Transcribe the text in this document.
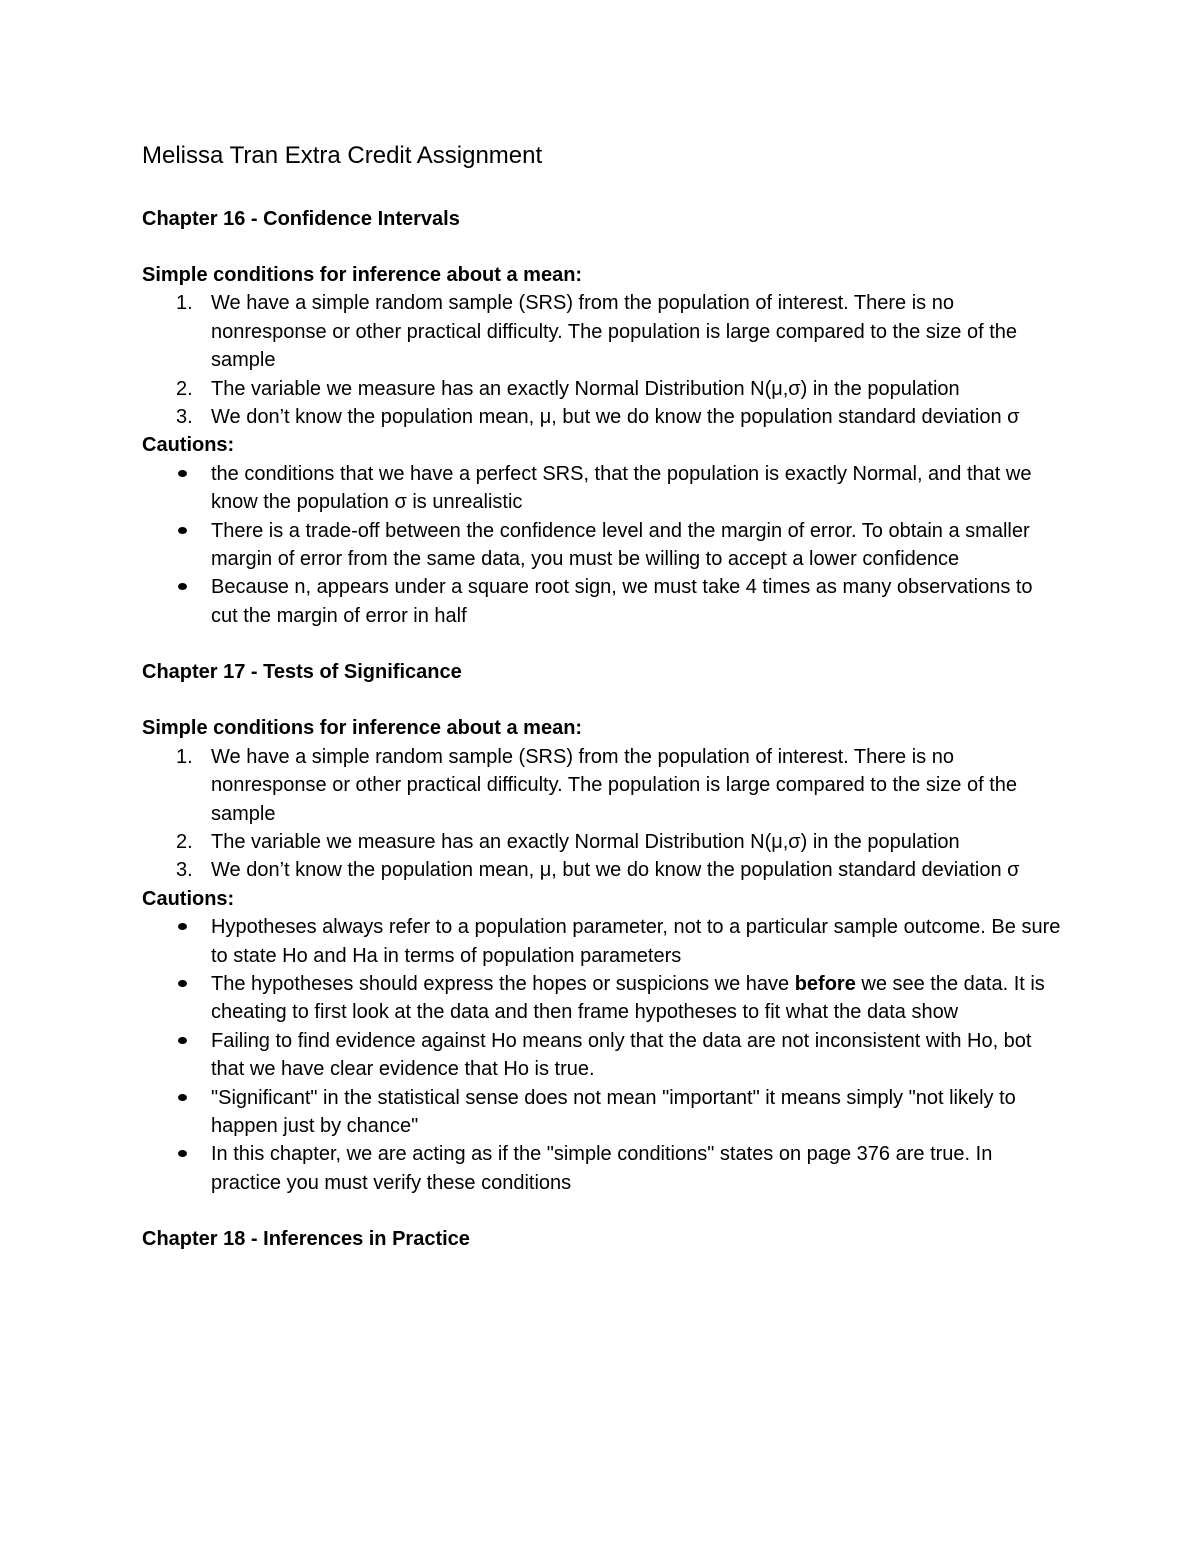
Melissa Tran Extra Credit Assignment
Chapter 16 - Confidence Intervals
Simple conditions for inference about a mean:
1. We have a simple random sample (SRS) from the population of interest. There is no nonresponse or other practical difficulty. The population is large compared to the size of the sample
2. The variable we measure has an exactly Normal Distribution N(μ,σ) in the population
3. We don’t know the population mean, μ, but we do know the population standard deviation σ
Cautions:
the conditions that we have a perfect SRS, that the population is exactly Normal, and that we know the population σ is unrealistic
There is a trade-off between the confidence level and the margin of error. To obtain a smaller margin of error from the same data, you must be willing to accept a lower confidence
Because n, appears under a square root sign, we must take 4 times as many observations to cut the margin of error in half
Chapter 17 - Tests of Significance
Simple conditions for inference about a mean:
1. We have a simple random sample (SRS) from the population of interest. There is no nonresponse or other practical difficulty. The population is large compared to the size of the sample
2. The variable we measure has an exactly Normal Distribution N(μ,σ) in the population
3. We don’t know the population mean, μ, but we do know the population standard deviation σ
Cautions:
Hypotheses always refer to a population parameter, not to a particular sample outcome. Be sure to state Ho and Ha in terms of population parameters
The hypotheses should express the hopes or suspicions we have before we see the data. It is cheating to first look at the data and then frame hypotheses to fit what the data show
Failing to find evidence against Ho means only that the data are not inconsistent with Ho, bot that we have clear evidence that Ho is true.
"Significant" in the statistical sense does not mean "important" it means simply "not likely to happen just by chance"
In this chapter, we are acting as if the "simple conditions" states on page 376 are true. In practice you must verify these conditions
Chapter 18 - Inferences in Practice
